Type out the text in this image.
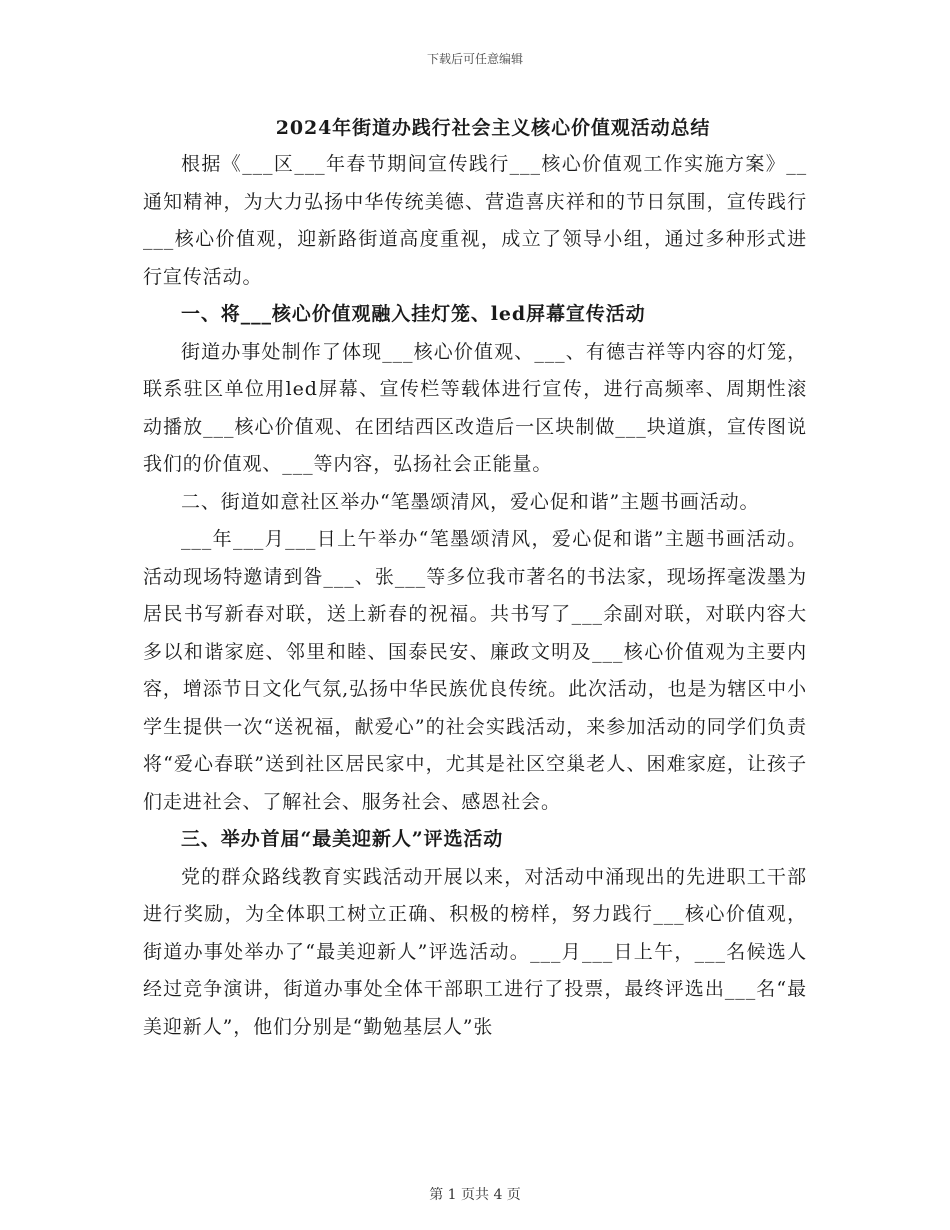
下载后可任意编辑
2024年街道办践行社会主义核心价值观活动总结

根据《___区___年春节期间宣传践行___核心价值观工作实施方案》__通知精神，为大力弘扬中华传统美德、营造喜庆祥和的节日氛围，宣传践行___核心价值观，迎新路街道高度重视，成立了领导小组，通过多种形式进行宣传活动。

一、将___核心价值观融入挂灯笼、led屏幕宣传活动

街道办事处制作了体现___核心价值观、___、有德吉祥等内容的灯笼，联系驻区单位用led屏幕、宣传栏等载体进行宣传，进行高频率、周期性滚动播放___核心价值观、在团结西区改造后一区块制做___块道旗，宣传图说我们的价值观、___等内容，弘扬社会正能量。

二、街道如意社区举办“笔墨颂清风，爱心促和谐”主题书画活动。

___年___月___日上午举办“笔墨颂清风，爱心促和谐”主题书画活动。活动现场特邀请到昝___、张___等多位我市著名的书法家，现场挥毫泼墨为居民书写新春对联，送上新春的祝福。共书写了___余副对联，对联内容大多以和谐家庭、邻里和睦、国泰民安、廉政文明及___核心价值观为主要内容，增添节日文化气氛,弘扬中华民族优良传统。此次活动，也是为辖区中小学生提供一次“送祝福，献爱心”的社会实践活动，来参加活动的同学们负责将“爱心春联”送到社区居民家中，尤其是社区空巢老人、困难家庭，让孩子们走进社会、了解社会、服务社会、感恩社会。

三、举办首届“最美迎新人”评选活动

党的群众路线教育实践活动开展以来，对活动中涌现出的先进职工干部进行奖励，为全体职工树立正确、积极的榜样，努力践行___核心价值观，街道办事处举办了“最美迎新人”评选活动。___月___日上午，___名候选人经过竞争演讲，街道办事处全体干部职工进行了投票，最终评选出___名“最美迎新人”，他们分别是“勤勉基层人”张

第 1 页共 4 页
